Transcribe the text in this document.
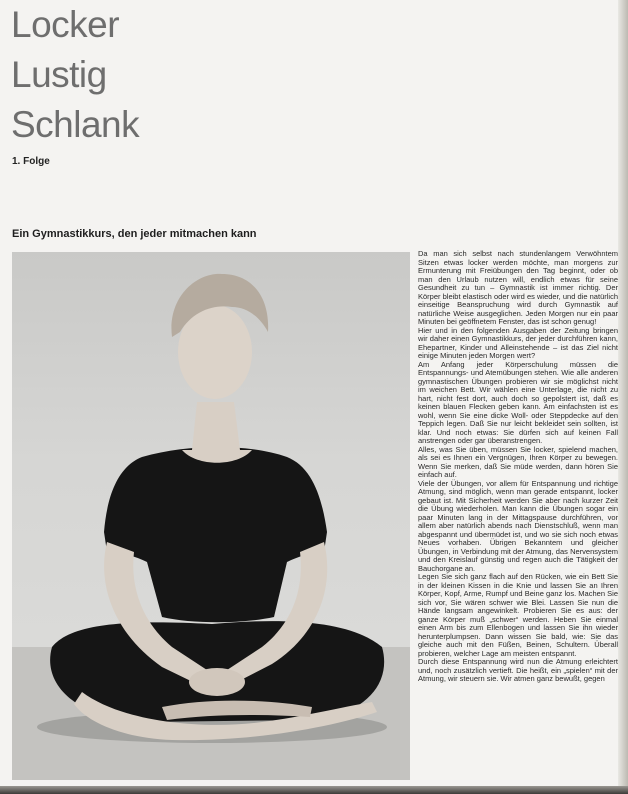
Locker

Lustig

Schlank

1. Folge
Ein Gymnastikkurs, den jeder mitmachen kann

Da man sich selbst nach stundenlangem Verwöhntem Sitzen etwas locker werden möchte, man morgens zur Ermunterung mit Freiübungen den Tag beginnt, oder ob man den Urlaub nutzen will, endlich etwas für seine Gesundheit zu tun – Gymnastik ist immer richtig. Der Körper bleibt elastisch oder wird es wieder, und die natürlich einseitige Beanspruchung wird durch Gymnastik auf natürliche Weise ausgeglichen. Jeden Morgen nur ein paar Minuten bei geöffnetem Fenster, das ist schon genug!

Hier und in den folgenden Ausgaben der Zeitung bringen wir daher einen Gymnastikkurs, der jeder durchführen kann, Ehepartner, Kinder und Alleinstehende – ist das Ziel nicht einige Minuten jeden Morgen wert?

Am Anfang jeder Körperschulung müssen die Entspannungs- und Atemübungen stehen. Wie alle anderen gymnastischen Übungen probieren wir sie möglichst nicht im weichen Bett. Wir wählen eine Unterlage, die nicht zu hart, nicht fest dort, auch doch so gepolstert ist, daß es keinen blauen Flecken geben kann. Am einfachsten ist es wohl, wenn Sie eine dicke Woll- oder Steppdecke auf den Teppich legen. Daß Sie nur leicht bekleidet sein sollten, ist klar. Und noch etwas: Sie dürfen sich auf keinen Fall anstrengen oder gar überanstrengen.

Alles, was Sie üben, müssen Sie locker, spielend machen, als sei es Ihnen ein Vergnügen, Ihren Körper zu bewegen. Wenn Sie merken, daß Sie müde werden, dann hören Sie einfach auf.

Viele der Übungen, vor allem für Entspannung und richtige Atmung, sind möglich, wenn man gerade entspannt, locker gebaut ist. Mit Sicherheit werden Sie aber nach kurzer Zeit die Übung wiederholen. Man kann die Übungen sogar ein paar Minuten lang in der Mittagspause durchführen, vor allem aber natürlich abends nach Dienstschluß, wenn man abgespannt und übermüdet ist, und wo sie sich noch etwas Neues vorhaben. Übrigen Bekanntem und gleicher Übungen, in Verbindung mit der Atmung, das Nervensystem und den Kreislauf günstig und regen auch die Tätigkeit der Bauchorgane an.

Legen Sie sich ganz flach auf den Rücken, wie ein Bett Sie in der kleinen Kissen in die Knie und lassen Sie an Ihren Körper, Kopf, Arme, Rumpf und Beine ganz los. Machen Sie sich vor, Sie wären schwer wie Blei. Lassen Sie nun die Hände langsam angewinkelt. Probieren Sie es aus: der ganze Körper muß „schwer“ werden. Heben Sie einmal einen Arm bis zum Ellenbogen und lassen Sie ihn wieder herunterplumpsen. Dann wissen Sie bald, wie: Sie das gleiche auch mit den Füßen, Beinen, Schultern. Überall probieren, welcher Lage am meisten entspannt.

Durch diese Entspannung wird nun die Atmung erleichtert und, noch zusätzlich vertieft. Die heißt, ein „spielen“ mit der Atmung, wir steuern sie. Wir atmen ganz bewußt, gegen
